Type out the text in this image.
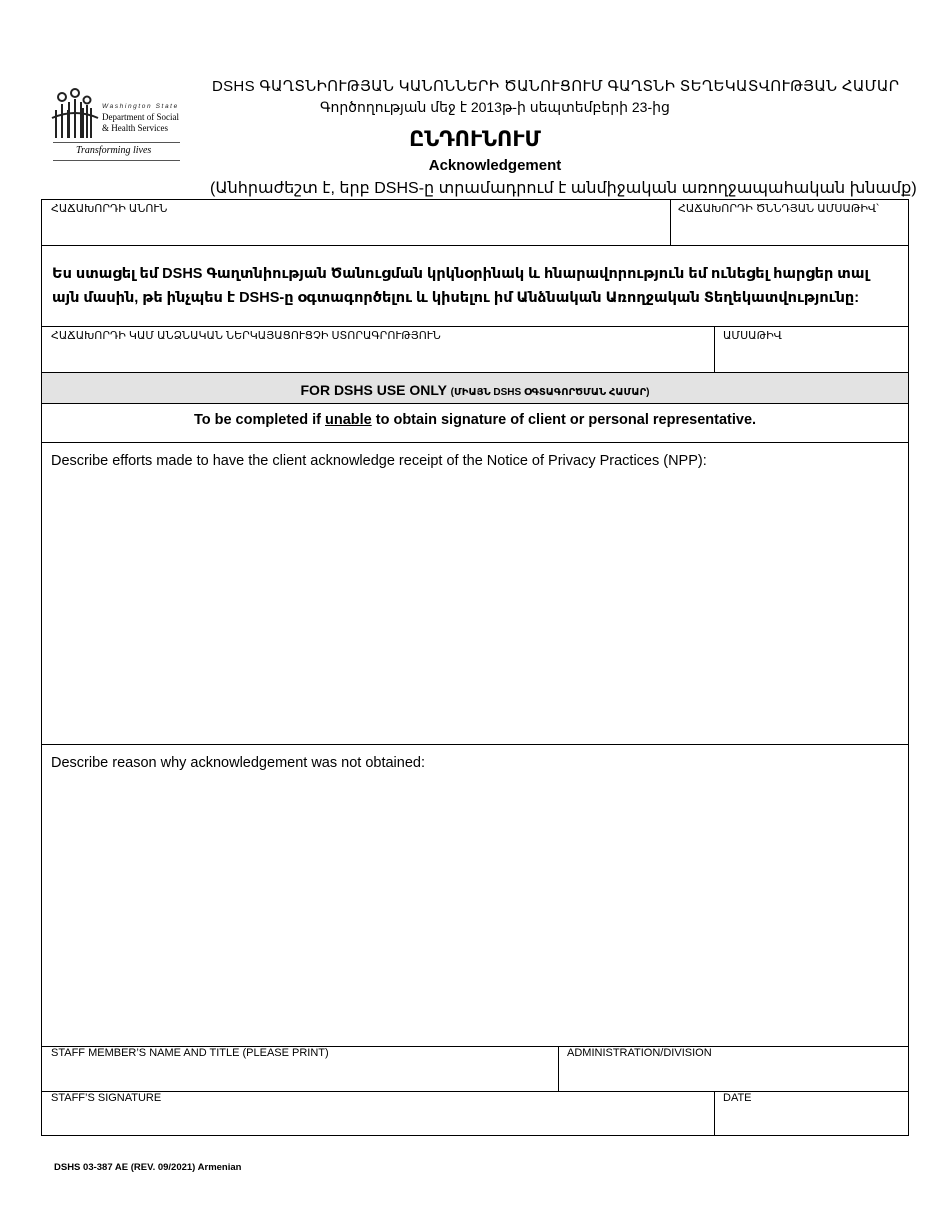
Washington State
Department of Social
& Health Services
Transforming lives
DSHS ԳԱՂՏՆԻՈՒԹՅԱՆ ԿԱՆՈՆՆԵՐԻ ԾԱՆՈՒՑՈՒՄ ԳԱՂՏՆԻ ՏԵՂԵԿԱՏՎՈՒԹՅԱՆ ՀԱՄԱՐ
Գործողության մեջ է 2013թ-ի սեպտեմբերի 23-ից
ԸՆԴՈՒՆՈՒՄ
Acknowledgement
(Անհրաժեշտ է, երբ DSHS-ը տրամադրում է անմիջական առողջապահական խնամք)
ՀԱՃԱԽՈՐԴԻ ԱՆՈՒՆ	ՀԱՃԱԽՈՐԴԻ ԾՆՆԴՅԱՆ ԱՄՍԱԹԻՎ՝
Ես ստացել եմ DSHS Գաղտնիության Ծանուցման կրկնօրինակ և հնարավորություն եմ ունեցել հարցեր տալ այն մասին, թե ինչպես է DSHS-ը օգտագործելու և կիսելու իմ Անձնական Առողջական Տեղեկատվությունը:
ՀԱՃԱԽՈՐԴԻ ԿԱՄ ԱՆՁՆԱԿԱՆ ՆԵՐԿԱՅԱՑՈՒՑՉԻ ՍՏՈՐԱԳՐՈՒԹՅՈՒՆ	ԱՄՍԱԹԻՎ
FOR DSHS USE ONLY (ՄԻԱՅՆ DSHS ՕԳՏԱԳՈՐԾՄԱՆ ՀԱՄԱՐ)
To be completed if unable to obtain signature of client or personal representative.
Describe efforts made to have the client acknowledge receipt of the Notice of Privacy Practices (NPP):
Describe reason why acknowledgement was not obtained:
STAFF MEMBER’S NAME AND TITLE (PLEASE PRINT)	ADMINISTRATION/DIVISION
STAFF’S SIGNATURE	DATE
DSHS 03-387 AE (REV. 09/2021) Armenian
